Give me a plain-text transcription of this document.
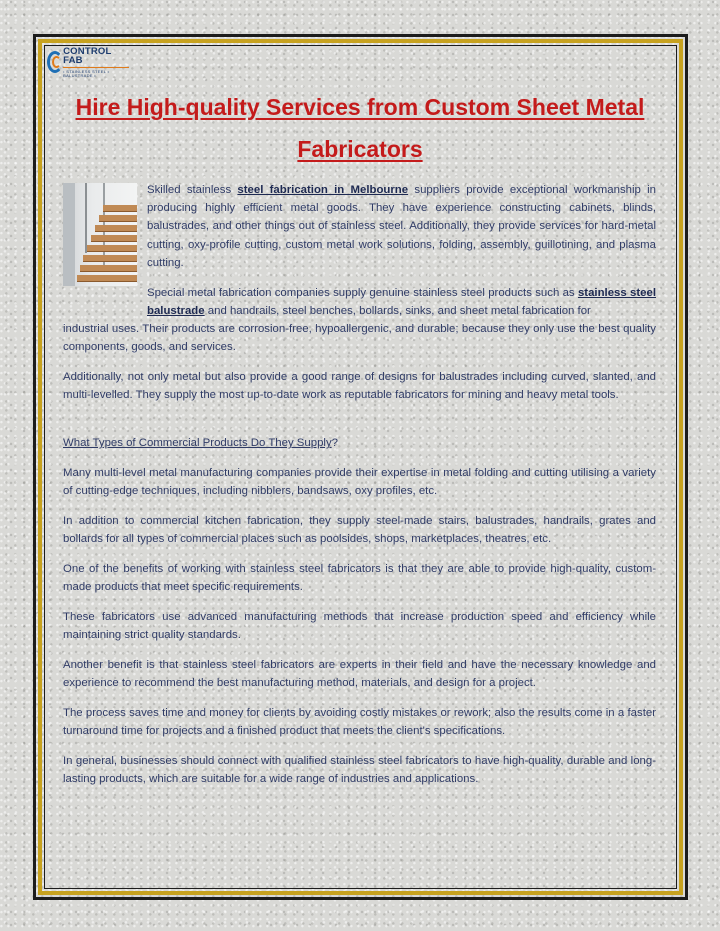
CONTROL FAB
• STAINLESS STEEL • BALUSTRADE •
Hire High-quality Services from Custom Sheet Metal Fabricators

Skilled stainless steel fabrication in Melbourne suppliers provide exceptional workmanship in producing highly efficient metal goods. They have experience constructing cabinets, blinds, balustrades, and other things out of stainless steel. Additionally, they provide services for hard-metal cutting, oxy-profile cutting, custom metal work solutions, folding, assembly, guillotining, and plasma cutting.

Special metal fabrication companies supply genuine stainless steel products such as stainless steel balustrade and handrails, steel benches, bollards, sinks, and sheet metal fabrication for

industrial uses. Their products are corrosion-free, hypoallergenic, and durable; because they only use the best quality components, goods, and services.

Additionally, not only metal but also provide a good range of designs for balustrades including curved, slanted, and multi-levelled. They supply the most up-to-date work as reputable fabricators for mining and heavy metal tools.

What Types of Commercial Products Do They Supply?

Many multi-level metal manufacturing companies provide their expertise in metal folding and cutting utilising a variety of cutting-edge techniques, including nibblers, bandsaws, oxy profiles, etc.

In addition to commercial kitchen fabrication, they supply steel-made stairs, balustrades, handrails, grates and bollards for all types of commercial places such as poolsides, shops, marketplaces, theatres, etc.

One of the benefits of working with stainless steel fabricators is that they are able to provide high-quality, custom-made products that meet specific requirements.

These fabricators use advanced manufacturing methods that increase production speed and efficiency while maintaining strict quality standards.

Another benefit is that stainless steel fabricators are experts in their field and have the necessary knowledge and experience to recommend the best manufacturing method, materials, and design for a project.

The process saves time and money for clients by avoiding costly mistakes or rework; also the results come in a faster turnaround time for projects and a finished product that meets the client's specifications.

In general, businesses should connect with qualified stainless steel fabricators to have high-quality, durable and long-lasting products, which are suitable for a wide range of industries and applications.
